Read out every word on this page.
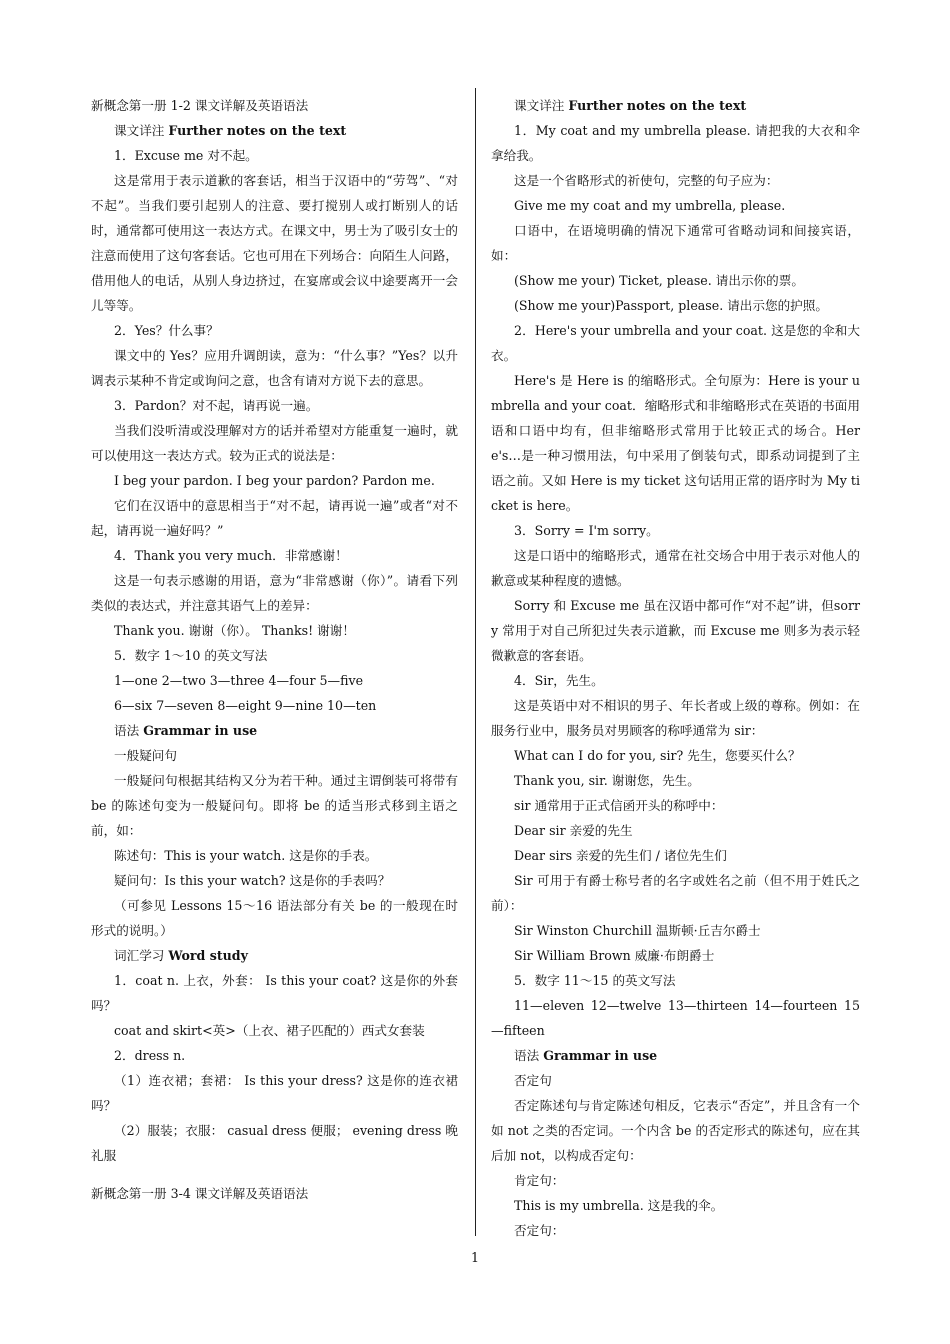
新概念第一册 1-2 课文详解及英语语法

课文详注 Further notes on the text

1．Excuse me 对不起。

这是常用于表示道歉的客套话，相当于汉语中的“劳驾”、“对不起”。当我们要引起别人的注意、要打搅别人或打断别人的话时，通常都可使用这一表达方式。在课文中，男士为了吸引女士的注意而使用了这句客套话。它也可用在下列场合：向陌生人问路，借用他人的电话，从别人身边挤过，在宴席或会议中途要离开一会儿等等。

2．Yes？什么事？

课文中的 Yes？应用升调朗读，意为：“什么事？”Yes？以升调表示某种不肯定或询问之意，也含有请对方说下去的意思。

3．Pardon？对不起，请再说一遍。

当我们没听清或没理解对方的话并希望对方能重复一遍时，就可以使用这一表达方式。较为正式的说法是：

I beg your pardon. I beg your pardon? Pardon me.

它们在汉语中的意思相当于“对不起，请再说一遍”或者“对不起，请再说一遍好吗？”

4．Thank you very much．非常感谢！

这是一句表示感谢的用语，意为“非常感谢（你）”。请看下列类似的表达式，并注意其语气上的差异：

Thank you. 谢谢（你）。 Thanks! 谢谢！

5．数字 1～10 的英文写法

1—one 2—two 3—three 4—four 5—five

6—six 7—seven 8—eight 9—nine 10—ten

语法 Grammar in use

一般疑问句

一般疑问句根据其结构又分为若干种。通过主谓倒装可将带有 be 的陈述句变为一般疑问句。即将 be 的适当形式移到主语之前，如：

陈述句：This is your watch. 这是你的手表。

疑问句：Is this your watch? 这是你的手表吗？

（可参见 Lessons 15～16 语法部分有关 be 的一般现在时形式的说明。）

词汇学习 Word study

1．coat n. 上衣，外套： Is this your coat? 这是你的外套吗？

coat and skirt<英>（上衣、裙子匹配的）西式女套装

2．dress n.

（1）连衣裙；套裙： Is this your dress? 这是你的连衣裙吗？

（2）服装；衣服： casual dress 便服； evening dress 晚礼服

新概念第一册 3-4 课文详解及英语语法

课文详注 Further notes on the text

1．My coat and my umbrella please. 请把我的大衣和伞拿给我。

这是一个省略形式的祈使句，完整的句子应为：

Give me my coat and my umbrella, please.

口语中，在语境明确的情况下通常可省略动词和间接宾语，如：

(Show me your) Ticket, please. 请出示你的票。

(Show me your)Passport, please. 请出示您的护照。

2．Here's your umbrella and your coat. 这是您的伞和大衣。

Here's 是 Here is 的缩略形式。全句原为：Here is your umbrella and your coat．缩略形式和非缩略形式在英语的书面用语和口语中均有，但非缩略形式常用于比较正式的场合。Here's…是一种习惯用法，句中采用了倒装句式，即系动词提到了主语之前。又如 Here is my ticket 这句话用正常的语序时为 My ticket is here。

3．Sorry = I'm sorry。

这是口语中的缩略形式，通常在社交场合中用于表示对他人的歉意或某种程度的遗憾。

Sorry 和 Excuse me 虽在汉语中都可作“对不起”讲，但sorry 常用于对自己所犯过失表示道歉，而 Excuse me 则多为表示轻微歉意的客套语。

4．Sir，先生。

这是英语中对不相识的男子、年长者或上级的尊称。例如：在服务行业中，服务员对男顾客的称呼通常为 sir：

What can I do for you, sir? 先生，您要买什么？

Thank you, sir. 谢谢您，先生。

sir 通常用于正式信函开头的称呼中：

Dear sir 亲爱的先生

Dear sirs 亲爱的先生们 / 诸位先生们

Sir 可用于有爵士称号者的名字或姓名之前（但不用于姓氏之前）：

Sir Winston Churchill 温斯顿·丘吉尔爵士

Sir William Brown 威廉·布朗爵士

5．数字 11～15 的英文写法

11—eleven 12—twelve 13—thirteen 14—fourteen 15—fifteen

语法 Grammar in use

否定句

否定陈述句与肯定陈述句相反，它表示“否定”，并且含有一个如 not 之类的否定词。一个内含 be 的否定形式的陈述句，应在其后加 not，以构成否定句：

肯定句：

This is my umbrella. 这是我的伞。

否定句：

1
